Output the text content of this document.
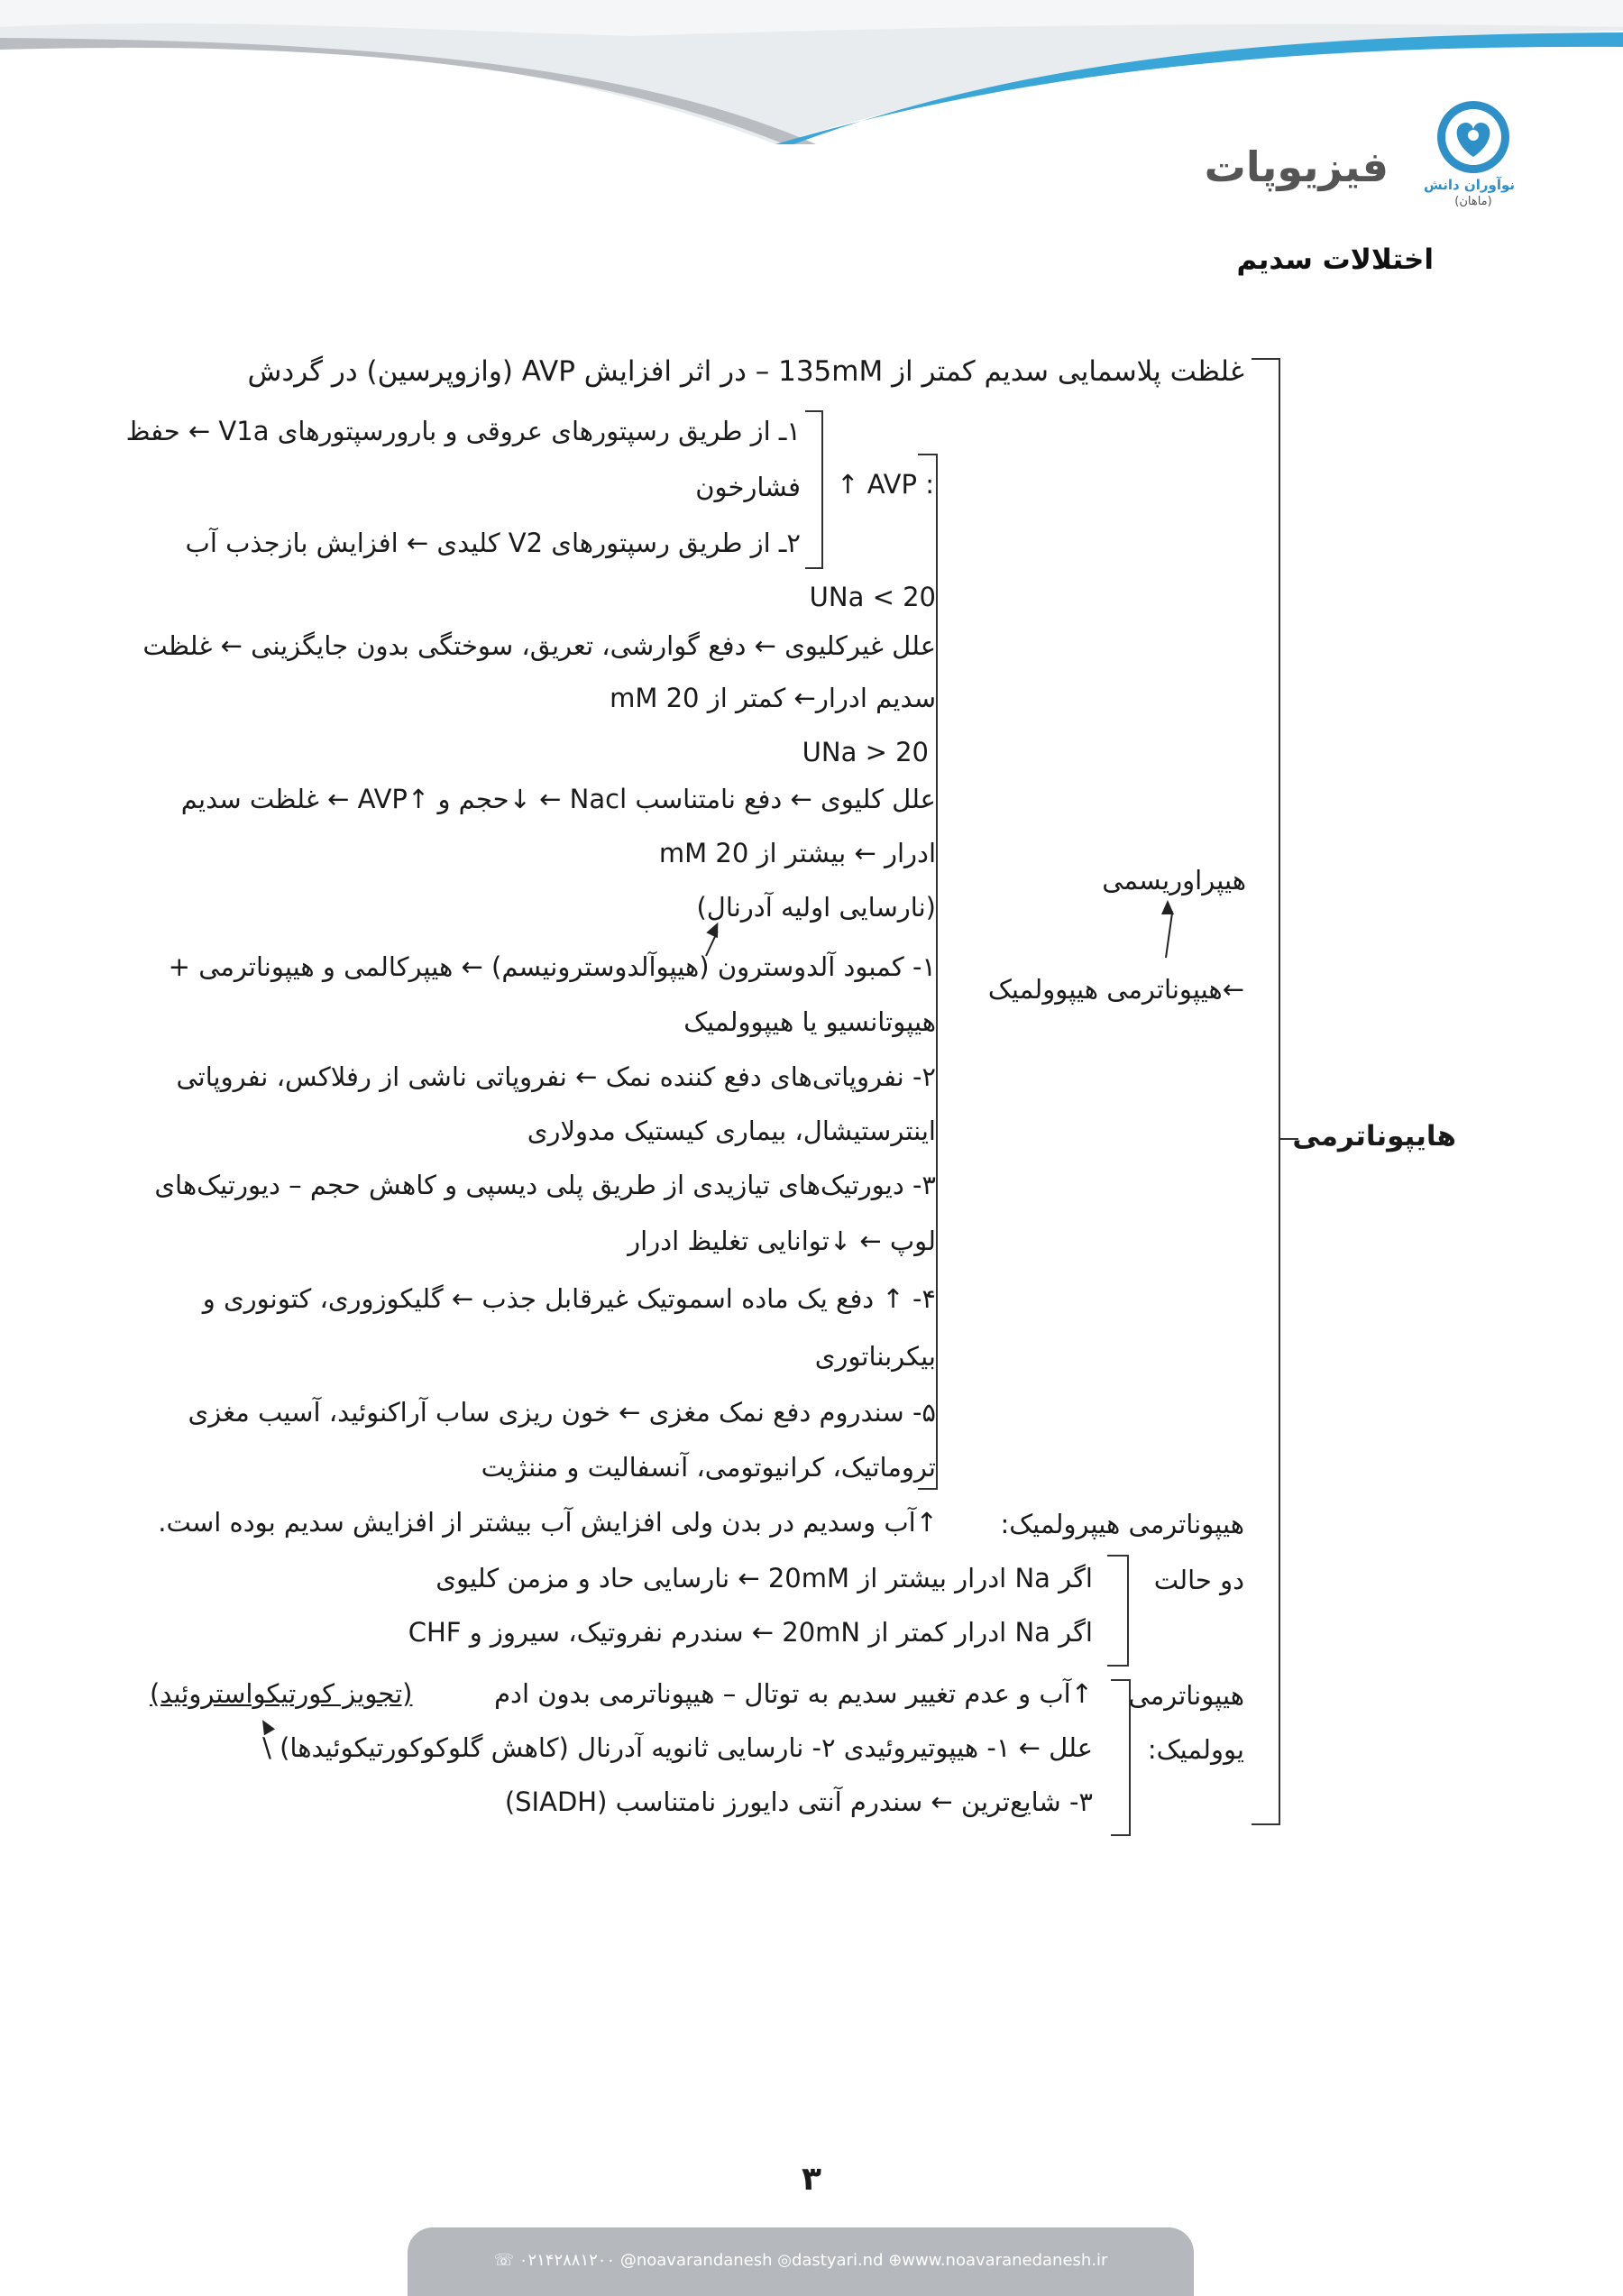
نوآوران دانش
(ماهان)
فیزیوپات
اختلالات سدیم
هایپوناترمی
غلظت پلاسمایی سدیم کمتر از 135mM – در اثر افزایش AVP (وازوپرسین) در گردش
↑ AVP :
۱ـ از طریق رسپتورهای عروقی و بارورسپتورهای V1a ← حفظ
فشارخون
۲ـ از طریق رسپتورهای V2 کلیدی ← افزایش بازجذب آب
←هیپوناترمی هیپوولمیک
هیپراوریسمی
UNa < 20
علل غیرکلیوی ← دفع گوارشی، تعریق، سوختگی بدون جایگزینی ← غلظت
سدیم ادرار← کمتر از 20 mM
UNa > 20
علل کلیوی ← دفع نامتناسب Nacl ← ↓حجم و ↑AVP ← غلظت سدیم
ادرار ← بیشتر از 20 mM
(نارسایی اولیه آدرنال)
۱- کمبود آلدوسترون (هیپوآلدوسترونیسم) ← هیپرکالمی و هیپوناترمی +
هیپوتانسیو یا هیپوولمیک
۲- نفروپاتی‌های دفع کننده نمک ← نفروپاتی ناشی از رفلاکس، نفروپاتی
اینترستیشال، بیماری کیستیک مدولاری
۳- دیورتیک‌های تیازیدی از طریق پلی دیسپی و کاهش حجم – دیورتیک‌های
لوپ ← ↓توانایی تغلیظ ادرار
۴- ↑ دفع یک ماده اسموتیک غیرقابل جذب ← گلیکوزوری، کتونوری و
بیکربناتوری
۵- سندروم دفع نمک مغزی ← خون ریزی ساب آراکنوئید، آسیب مغزی
تروماتیک، کرانیوتومی، آنسفالیت و مننژیت
هیپوناترمی هیپرولمیک:
↑آب وسدیم در بدن ولی افزایش آب بیشتر از افزایش سدیم بوده است.
دو حالت
اگر Na ادرار بیشتر از 20mM ← نارسایی حاد و مزمن کلیوی
اگر Na ادرار کمتر از 20mN ← سندرم نفروتیک، سیروز و CHF
هیپوناترمی
یوولمیک:
↑آب و عدم تغییر سدیم به توتال – هیپوناترمی بدون ادم
(تجویز کورتیکواستروئید)
علل ← ۱- هیپوتیروئیدی ۲- نارسایی ثانویه آدرنال (کاهش گلوکوکورتیکوئیدها) \
۳- شایع‌ترین ← سندرم آنتی دایورز نامتناسب (SIADH)
۳
☏ ۰۲۱۴۲۸۸۱۲۰۰ @noavarandanesh ◎dastyari.nd ⊕www.noavaranedanesh.ir
